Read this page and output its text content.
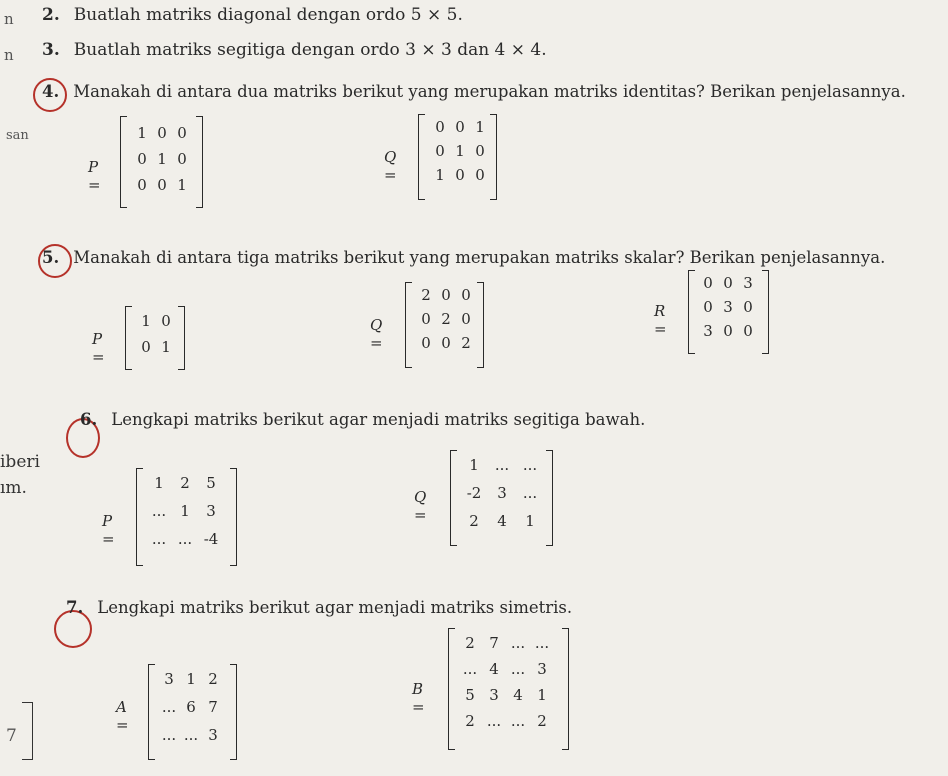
n
n
san
iberi
ım.
7
2. Buatlah matriks diagonal dengan ordo 5 × 5.
3. Buatlah matriks segitiga dengan ordo 3 × 3 dan 4 × 4.
4. Manakah di antara dua matriks berikut yang merupakan matriks identitas? Berikan penjelasannya.
P =
1 0 0
0 1 0
0 0 1
Q =
0 0 1
0 1 0
1 0 0
5. Manakah di antara tiga matriks berikut yang merupakan matriks skalar? Berikan penjelasannya.
P =
1 0
0 1
Q =
2 0 0
0 2 0
0 0 2
R =
0 0 3
0 3 0
3 0 0
6. Lengkapi matriks berikut agar menjadi matriks segitiga bawah.
P =
1	2	5
... 1	3
... ... -4
Q =
1	... ...
-2	3	...
2	4	1
7. Lengkapi matriks berikut agar menjadi matriks simetris.
A =
3 1 2
... 6 7
... ... 3
B =
2 7 ... ...
... 4 ... 3
5 3 4 1
2 ... ... 2
